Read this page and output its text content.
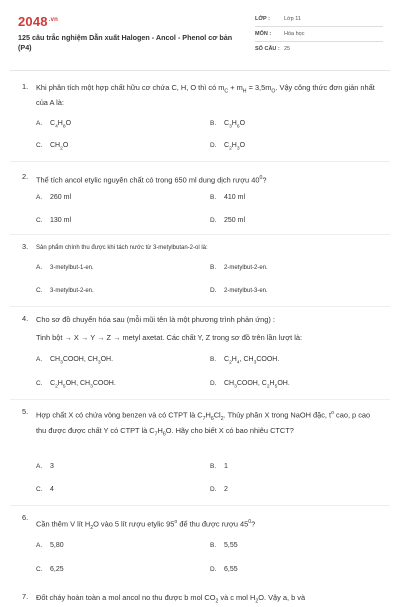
$2048^{.vn}$
125 câu trắc nghiệm Dẫn xuất Halogen - Ancol - Phenol cơ bản (P4)
LỚP :	Lớp 11
MÔN : Hóa học
SỐ CÂU : 25
1. Khi phân tích một hợp chất hữu cơ chứa C, H, O thì có $m_C + m_H = 3,5m_O$. Vậy công thức đơn giản nhất của A là:
A. $C_4H_8O$	B. $C_3H_6O$
C. $CH_2O$	D. $C_2H_3O$
2. Thể tích ancol etylic nguyên chất có trong 650 ml dung dịch rượu $40^0$?
A. 260 ml	B. 410 ml
C. 130 ml	D. 250 ml
3. Sản phẩm chính thu được khi tách nước từ 3-metylbutan-2-ol là:
A. 3-metylbut-1-en.	B. 2-metylbut-2-en.
C. 3-metylbut-2-en.	D. 2-metylbut-3-en.
4. Cho sơ đồ chuyển hóa sau (mỗi mũi tên là một phương trình phản ứng) :
Tinh bột → X → Y → Z → metyl axetat. Các chất Y, Z trong sơ đồ trên lần lượt là:
A. $CH_3COOH$, $CH_3OH$.	B. $C_2H_4$, $CH_3COOH$.
C. $C_2H_5OH$, $CH_3COOH$.	D. $CH_3COOH$, $C_2H_5OH$.
5. Hợp chất X có chứa vòng benzen và có CTPT là $C_7H_6Cl_2$. Thủy phân X trong NaOH đặc, $t^o$ cao, p cao thu được được chất Y có CTPT là $C_7H_6O$. Hãy cho biết X có bao nhiêu CTCT?
A. 3	B. 1
C. 4	D. 2
6.
Cần thêm V lít $H_2O$ vào 5 lít rượu etylic 95$^o$ để thu được rượu $45^0$?
A. 5,80	B. 5,55
C. 6,25	D. 6,55
7. Đốt cháy hoàn toàn a mol ancol no thu được b mol $CO_2$ và c mol $H_2O$. Vậy a, b và
